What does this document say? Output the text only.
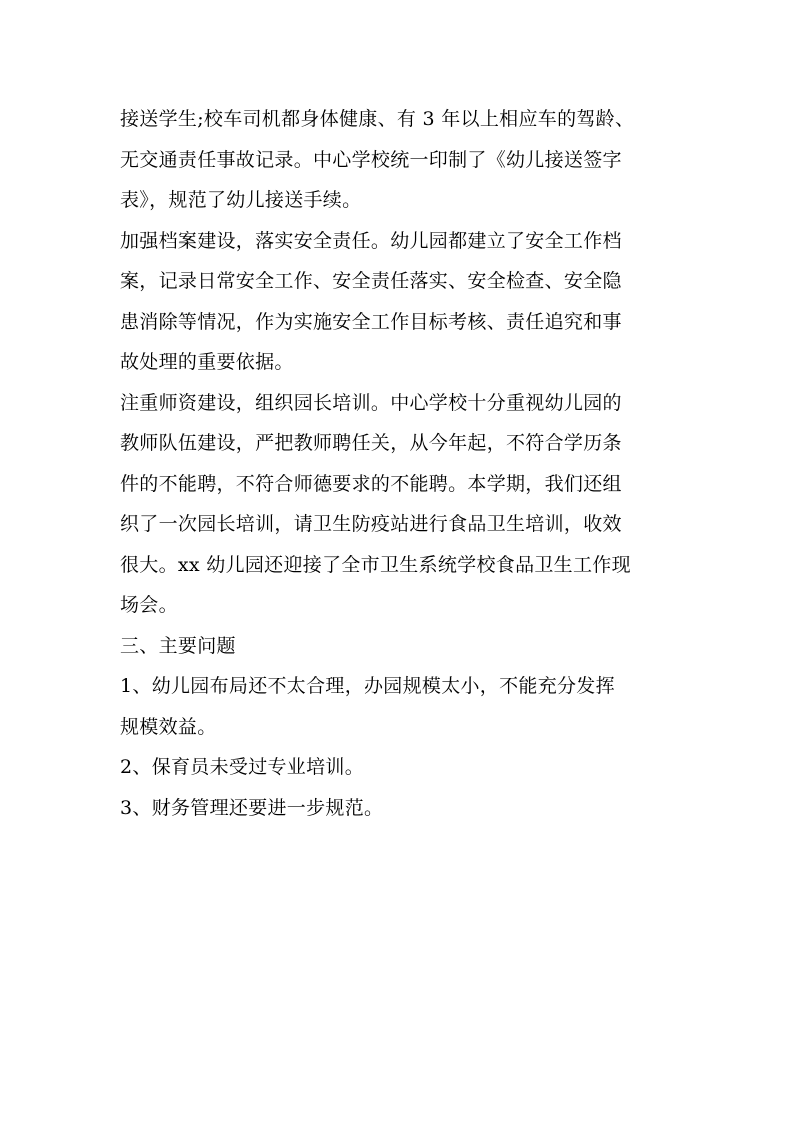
接送学生;校车司机都身体健康、有 3 年以上相应车的驾龄、
无交通责任事故记录。中心学校统一印制了《幼儿接送签字
表》，规范了幼儿接送手续。
加强档案建设，落实安全责任。幼儿园都建立了安全工作档
案，记录日常安全工作、安全责任落实、安全检查、安全隐
患消除等情况，作为实施安全工作目标考核、责任追究和事
故处理的重要依据。
注重师资建设，组织园长培训。中心学校十分重视幼儿园的
教师队伍建设，严把教师聘任关，从今年起，不符合学历条
件的不能聘，不符合师德要求的不能聘。本学期，我们还组
织了一次园长培训，请卫生防疫站进行食品卫生培训，收效
很大。xx 幼儿园还迎接了全市卫生系统学校食品卫生工作现
场会。
三、主要问题
1、幼儿园布局还不太合理，办园规模太小，不能充分发挥
规模效益。
2、保育员未受过专业培训。
3、财务管理还要进一步规范。
